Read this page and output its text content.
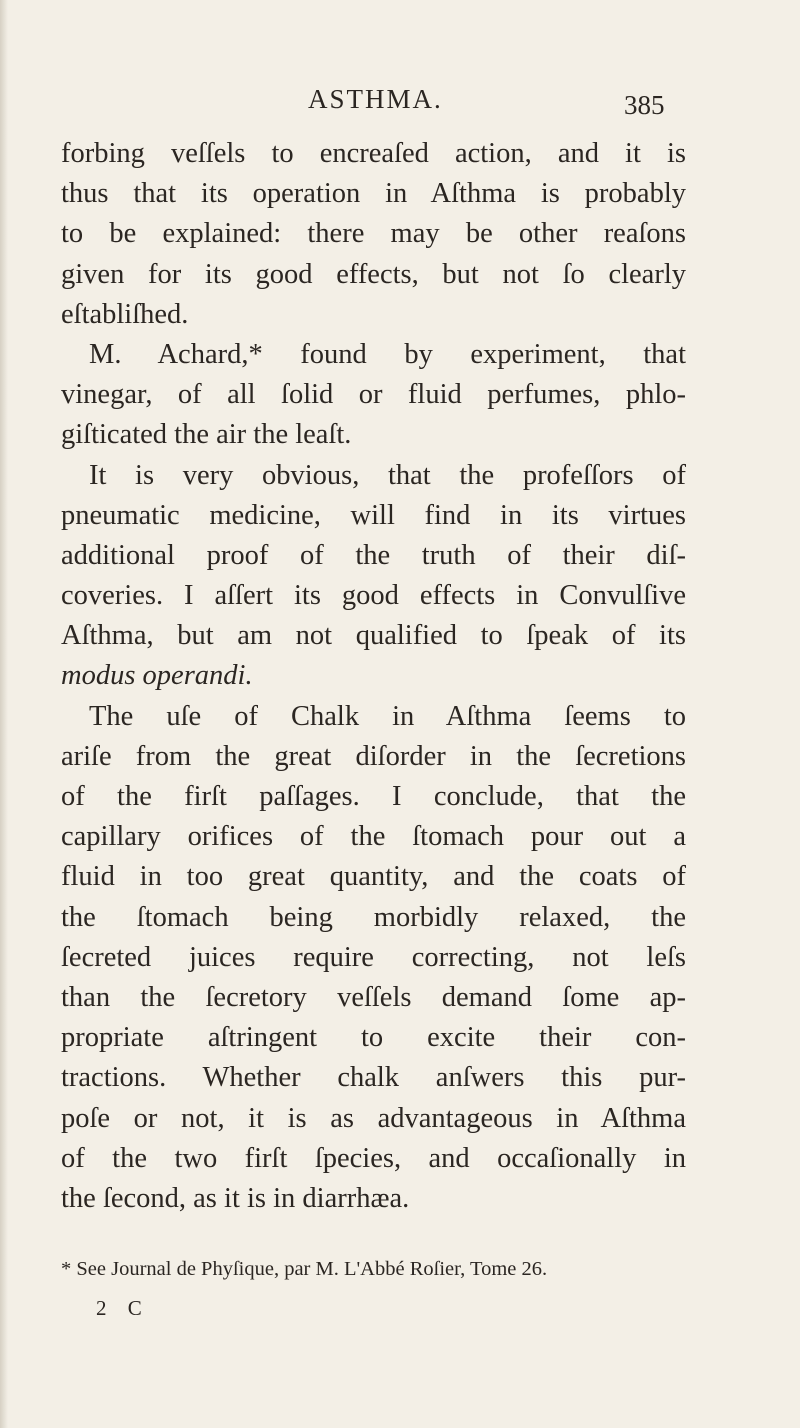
ASTHMA.	385
forbing veſſels to encreaſed action, and it is
thus that its operation in Aſthma is probably
to be explained: there may be other reaſons
given for its good effects, but not ſo clearly
eſtabliſhed.
M. Achard,* found by experiment, that
vinegar, of all ſolid or fluid perfumes, phlo-
giſticated the air the leaſt.
It is very obvious, that the profeſſors of
pneumatic medicine, will find in its virtues
additional proof of the truth of their diſ-
coveries. I aſſert its good effects in Convulſive
Aſthma, but am not qualified to ſpeak of its
modus operandi.
The uſe of Chalk in Aſthma ſeems to
ariſe from the great diſorder in the ſecretions
of the firſt paſſages. I conclude, that the
capillary orifices of the ſtomach pour out a
fluid in too great quantity, and the coats of
the ſtomach being morbidly relaxed, the
ſecreted juices require correcting, not leſs
than the ſecretory veſſels demand ſome ap-
propriate aſtringent to excite their con-
tractions. Whether chalk anſwers this pur-
poſe or not, it is as advantageous in Aſthma
of the two firſt ſpecies, and occaſionally in
the ſecond, as it is in diarrhæa.
* See Journal de Phyſique, par M. L'Abbé Roſier, Tome 26.
2 C
